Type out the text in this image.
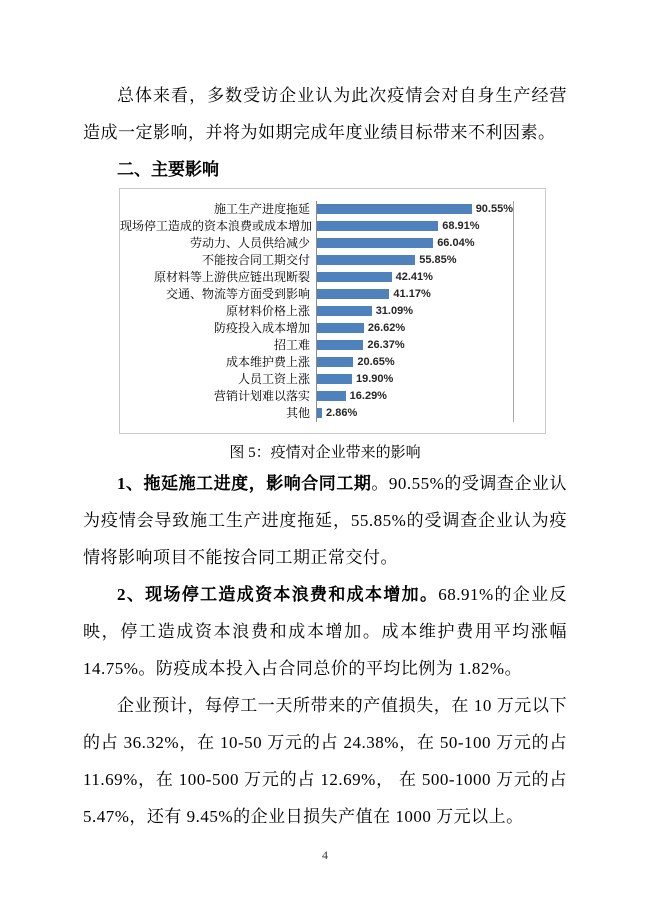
总体来看，多数受访企业认为此次疫情会对自身生产经营造成一定影响，并将为如期完成年度业绩目标带来不利因素。

二、主要影响
施工生产进度拖延	90.55%
现场停工造成的资本浪费或成本增加	68.91%
劳动力、人员供给减少	66.04%
不能按合同工期交付	55.85%
原材料等上游供应链出现断裂	42.41%
交通、物流等方面受到影响	41.17%
原材料价格上涨	31.09%
防疫投入成本增加	26.62%
招工难	26.37%
成本维护费上涨	20.65%
人员工资上涨	19.90%
营销计划难以落实	16.29%
其他	2.86%
图 5：疫情对企业带来的影响

1、拖延施工进度，影响合同工期。90.55%的受调查企业认为疫情会导致施工生产进度拖延，55.85%的受调查企业认为疫情将影响项目不能按合同工期正常交付。

2、现场停工造成资本浪费和成本增加。68.91%的企业反映，停工造成资本浪费和成本增加。成本维护费用平均涨幅 14.75%。防疫成本投入占合同总价的平均比例为 1.82%。

企业预计，每停工一天所带来的产值损失，在 10 万元以下的占 36.32%，在 10-50 万元的占 24.38%，在 50-100 万元的占 11.69%，在 100-500 万元的占 12.69%， 在 500-1000 万元的占 5.47%，还有 9.45%的企业日损失产值在 1000 万元以上。

4
